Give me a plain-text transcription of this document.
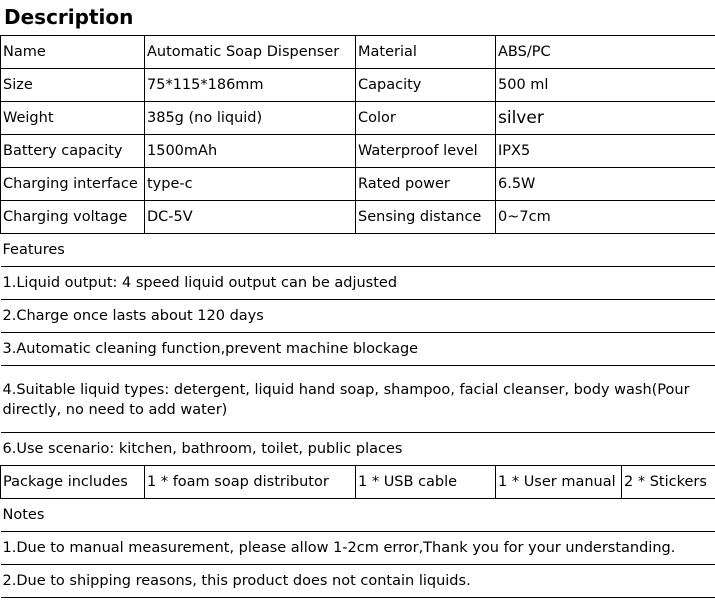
Description
Name	Automatic Soap Dispenser	Material	ABS/PC	
Size	75*115*186mm	Capacity	500 ml	
Weight	385g (no liquid)	Color	silver	
Battery capacity	1500mAh	Waterproof level	IPX5	
Charging interface	type-c	Rated power	6.5W	
Charging voltage	DC-5V	Sensing distance	0~7cm	
Features				
1.Liquid output: 4 speed liquid output can be adjusted				
2.Charge once lasts about 120 days				
3.Automatic cleaning function,prevent machine blockage				
4.Suitable liquid types: detergent, liquid hand soap, shampoo, facial cleanser, body wash(Pour directly, no need to add water)				
6.Use scenario: kitchen, bathroom, toilet, public places				
Package includes	1 * foam soap distributor	1 * USB cable	1 * User manual	2 * Stickers
Notes				
1.Due to manual measurement, please allow 1-2cm error,Thank you for your understanding.				
2.Due to shipping reasons, this product does not contain liquids.				
